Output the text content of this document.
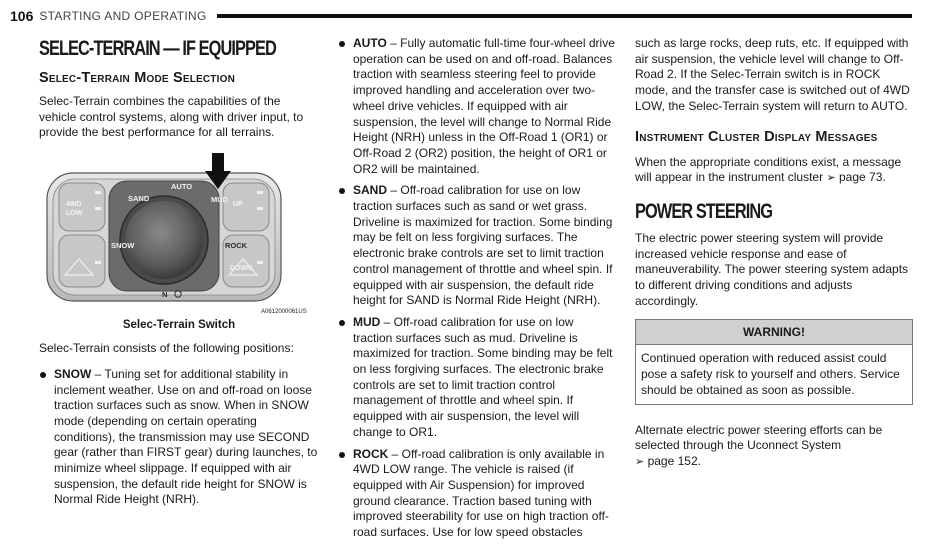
106 STARTING AND OPERATING
SELEC-TERRAIN — IF EQUIPPED
Selec-Terrain Mode Selection

Selec-Terrain combines the capabilities of the vehicle control systems, along with driver input, to provide the best performance for all terrains.

AUTO
SAND	MUD
SNOW	ROCK
N
4WD
LOW
UP
DOWN
A0612000061US
Selec-Terrain Switch

Selec-Terrain consists of the following positions:

SNOW – Tuning set for additional stability in inclement weather. Use on and off-road on loose traction surfaces such as snow. When in SNOW mode (depending on certain operating conditions), the transmission may use SECOND gear (rather than FIRST gear) during launches, to minimize wheel slippage. If equipped with air suspension, the default ride height for SNOW is Normal Ride Height (NRH).
AUTO – Fully automatic full-time four-wheel drive operation can be used on and off-road. Balances traction with seamless steering feel to provide improved handling and acceleration over two-wheel drive vehicles. If equipped with air suspension, the level will change to Normal Ride Height (NRH) unless in the Off-Road 1 (OR1) or Off-Road 2 (OR2) position, the height of OR1 or OR2 will be maintained.
SAND – Off-road calibration for use on low traction surfaces such as sand or wet grass. Driveline is maximized for traction. Some binding may be felt on less forgiving surfaces. The electronic brake controls are set to limit traction control management of throttle and wheel spin. If equipped with air suspension, the default ride height for SAND is Normal Ride Height (NRH).
MUD – Off-road calibration for use on low traction surfaces such as mud. Driveline is maximized for traction. Some binding may be felt on less forgiving surfaces. The electronic brake controls are set to limit traction control management of throttle and wheel spin. If equipped with air suspension, the level will change to OR1.
ROCK – Off-road calibration is only available in 4WD LOW range. The vehicle is raised (if equipped with Air Suspension) for improved ground clearance. Traction based tuning with improved steerability for use on high traction off-road surfaces. Use for low speed obstacles

such as large rocks, deep ruts, etc. If equipped with air suspension, the vehicle level will change to Off-Road 2. If the Selec-Terrain switch is in ROCK mode, and the transfer case is switched out of 4WD LOW, the Selec-Terrain system will return to AUTO.

Instrument Cluster Display Messages

When the appropriate conditions exist, a message will appear in the instrument cluster ➢ page 73.

POWER STEERING

The electric power steering system will provide increased vehicle response and ease of maneuverability. The power steering system adapts to different driving conditions and adjusts accordingly.

WARNING!
Continued operation with reduced assist could pose a safety risk to yourself and others. Service should be obtained as soon as possible.

Alternate electric power steering efforts can be selected through the Uconnect System
➢ page 152.
